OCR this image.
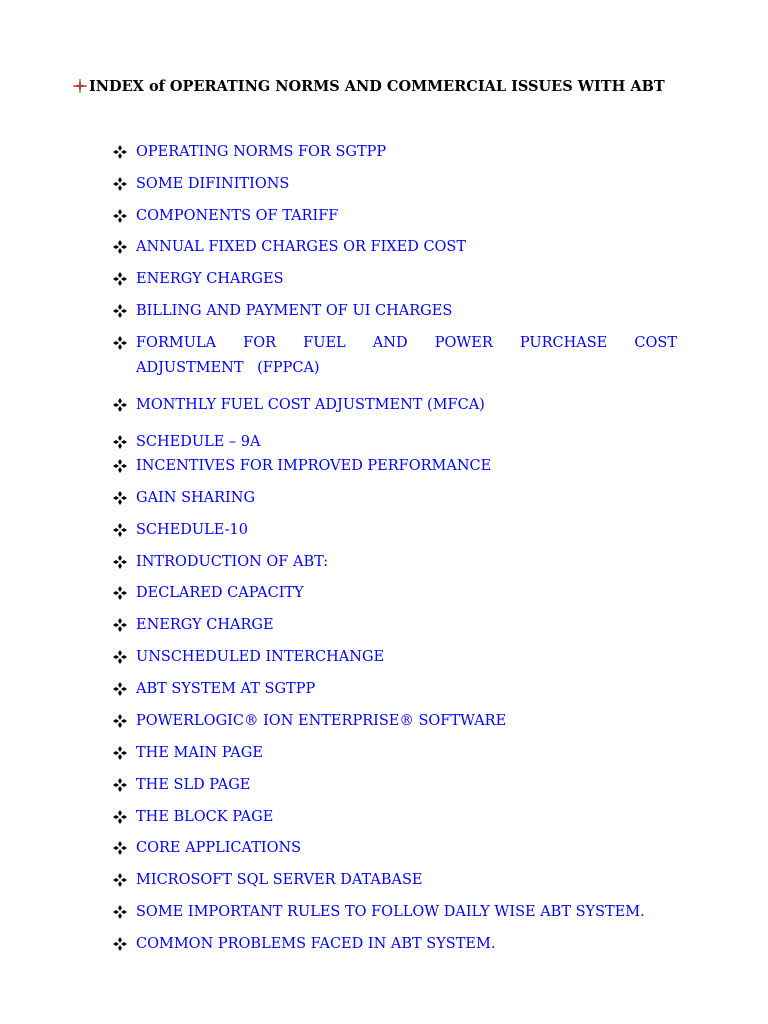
INDEX of OPERATING NORMS AND COMMERCIAL ISSUES WITH ABT
OPERATING NORMS FOR SGTPP
SOME DIFINITIONS
COMPONENTS OF TARIFF
ANNUAL FIXED CHARGES OR FIXED COST
ENERGY CHARGES
BILLING AND PAYMENT OF UI CHARGES
FORMULA FOR FUEL AND POWER PURCHASE COST ADJUSTMENT (FPPCA)
MONTHLY FUEL COST ADJUSTMENT (MFCA)
SCHEDULE – 9A
INCENTIVES FOR IMPROVED PERFORMANCE
GAIN SHARING
SCHEDULE-10
INTRODUCTION OF ABT:
DECLARED CAPACITY
ENERGY CHARGE
UNSCHEDULED INTERCHANGE
ABT SYSTEM AT SGTPP
POWERLOGIC® ION ENTERPRISE® SOFTWARE
THE MAIN PAGE
THE SLD PAGE
THE BLOCK PAGE
CORE APPLICATIONS
MICROSOFT SQL SERVER DATABASE
SOME IMPORTANT RULES TO FOLLOW DAILY WISE ABT SYSTEM.
COMMON PROBLEMS FACED IN ABT SYSTEM.
